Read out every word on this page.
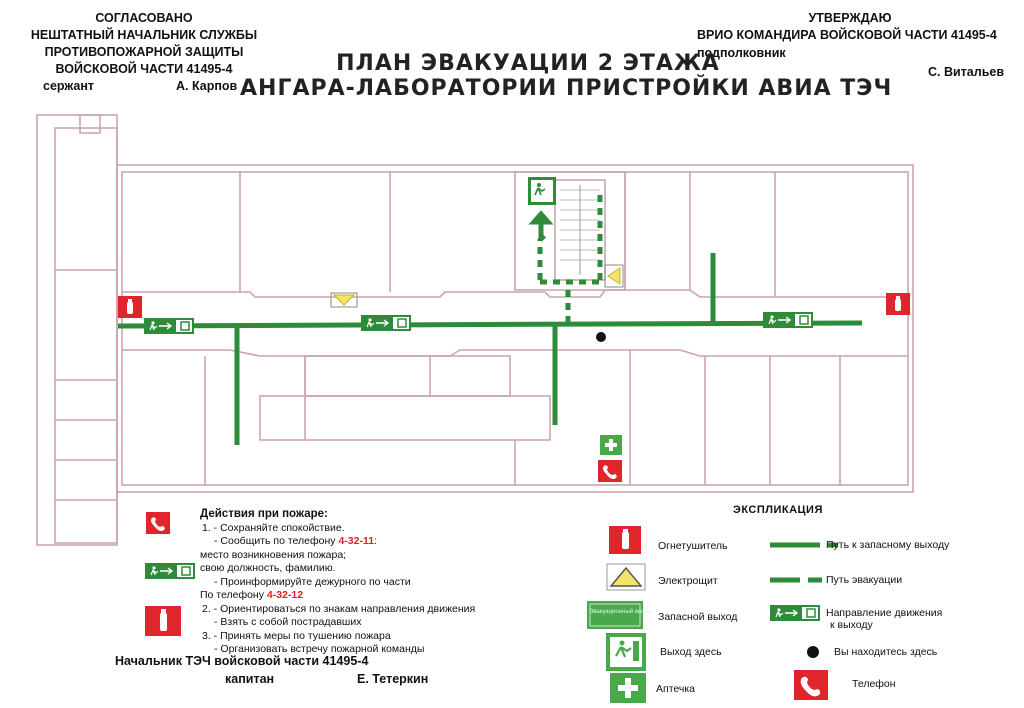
СОГЛАСОВАНО
НЕШТАТНЫЙ НАЧАЛЬНИК СЛУЖБЫ
ПРОТИВОПОЖАРНОЙ ЗАЩИТЫ
ВОЙСКОВОЙ ЧАСТИ 41495-4
сержант	А. Карпов
УТВЕРЖДАЮ
ВРИО КОМАНДИРА ВОЙСКОВОЙ ЧАСТИ 41495-4
подполковник
С. Витальев
ПЛАН ЭВАКУАЦИИ 2 ЭТАЖА
АНГАРА-ЛАБОРАТОРИИ ПРИСТРОЙКИ АВИА ТЭЧ
Действия при пожаре:
1. - Сохраняйте спокойствие.
- Сообщить по телефону 4-32-11:
место возникновения пожара;
свою должность, фамилию.
- Проинформируйте дежурного по части
По телефону 4-32-12
2. - Ориентироваться по знакам направления движения
- Взять с собой пострадавших
3. - Принять меры по тушению пожара
- Организовать встречу пожарной команды
Начальник ТЭЧ войсковой части 41495-4
капитан	Е. Тетеркин
ЭКСПЛИКАЦИЯ
Огнетушитель	Путь к запасному выходу
Электрощит	Путь эвакуации
Эвакуационный выход Запасной выход	Направление движения
к выходу
Выход здесь	Вы находитесь здесь
Аптечка	Телефон
